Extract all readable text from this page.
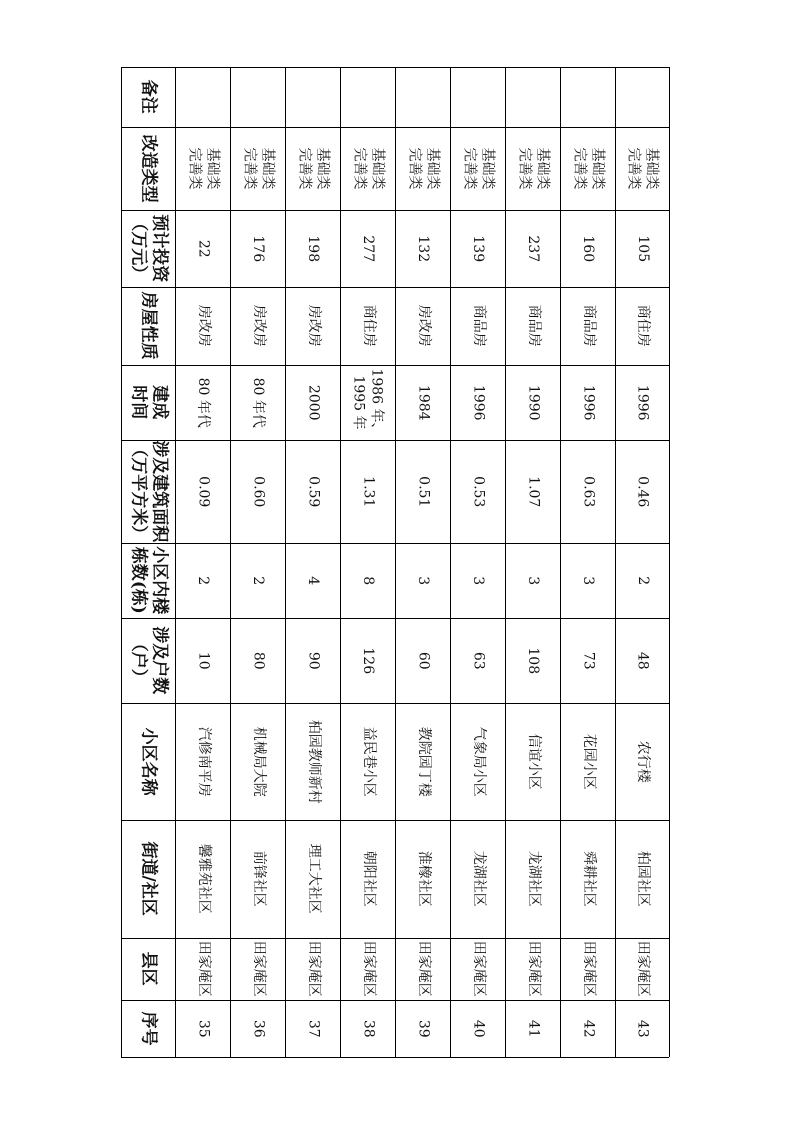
序号
县区
街道/社区
小区名称
涉及户数
（户）
小区内楼
栋数(栋)
涉及建筑面积
（万平方米）
建成
时间
房屋性质
预计投资
（万元）
改造类型
备注
35
田家庵区
馨雅苑社区
汽修南平房
10
2
0.09
80 年代
房改房
22
基础类
完善类
36
田家庵区
前锋社区
机械局大院
80
2
0.60
80 年代
房改房
176
基础类
完善类
37
田家庵区
理工大社区
柏园教师新村
90
4
0.59
2000
房改房
198
基础类
完善类
38
田家庵区
朝阳社区
益民巷小区
126
8
1.31
1986 年、
1995 年
商住房
277
基础类
完善类
39
田家庵区
淮橡社区
教院园丁楼
60
3
0.51
1984
房改房
132
基础类
完善类
40
田家庵区
龙湖社区
气象局小区
63
3
0.53
1996
商品房
139
基础类
完善类
41
田家庵区
龙湖社区
信谊小区
108
3
1.07
1990
商品房
237
基础类
完善类
42
田家庵区
舜耕社区
花园小区
73
3
0.63
1996
商品房
160
基础类
完善类
43
田家庵区
柏园社区
农行楼
48
2
0.46
1996
商住房
105
基础类
完善类
